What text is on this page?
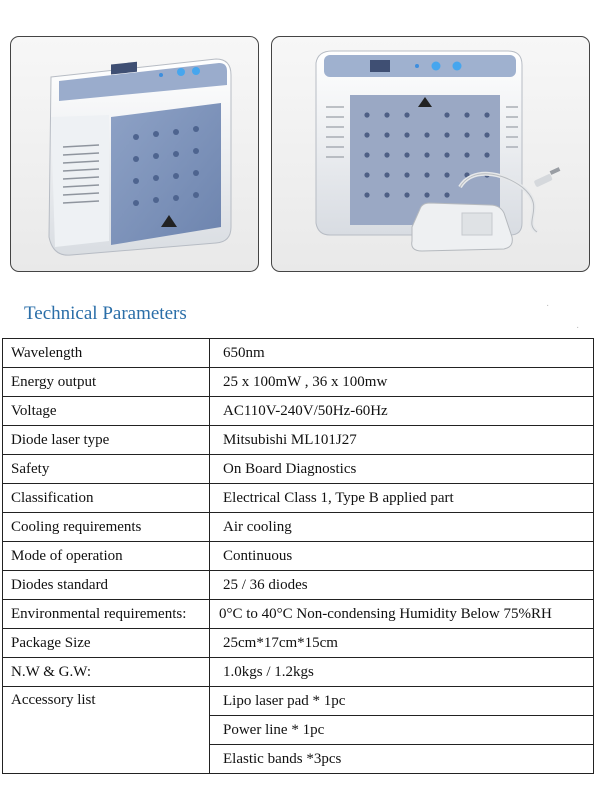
Technical Parameters	·
·
Wavelength	650nm
Energy output	25 x 100mW , 36 x 100mw
Voltage	AC110V-240V/50Hz-60Hz
Diode laser type	Mitsubishi ML101J27
Safety	On Board Diagnostics
Classification	Electrical Class 1, Type B applied part
Cooling requirements	Air cooling
Mode of operation	Continuous
Diodes standard	25 / 36 diodes
Environmental requirements:	0°C to 40°C Non-condensing Humidity Below 75%RH
Package Size	25cm*17cm*15cm
N.W & G.W:	1.0kgs / 1.2kgs
Accessory list	Lipo laser pad * 1pc
	Power line * 1pc
	Elastic bands *3pcs
